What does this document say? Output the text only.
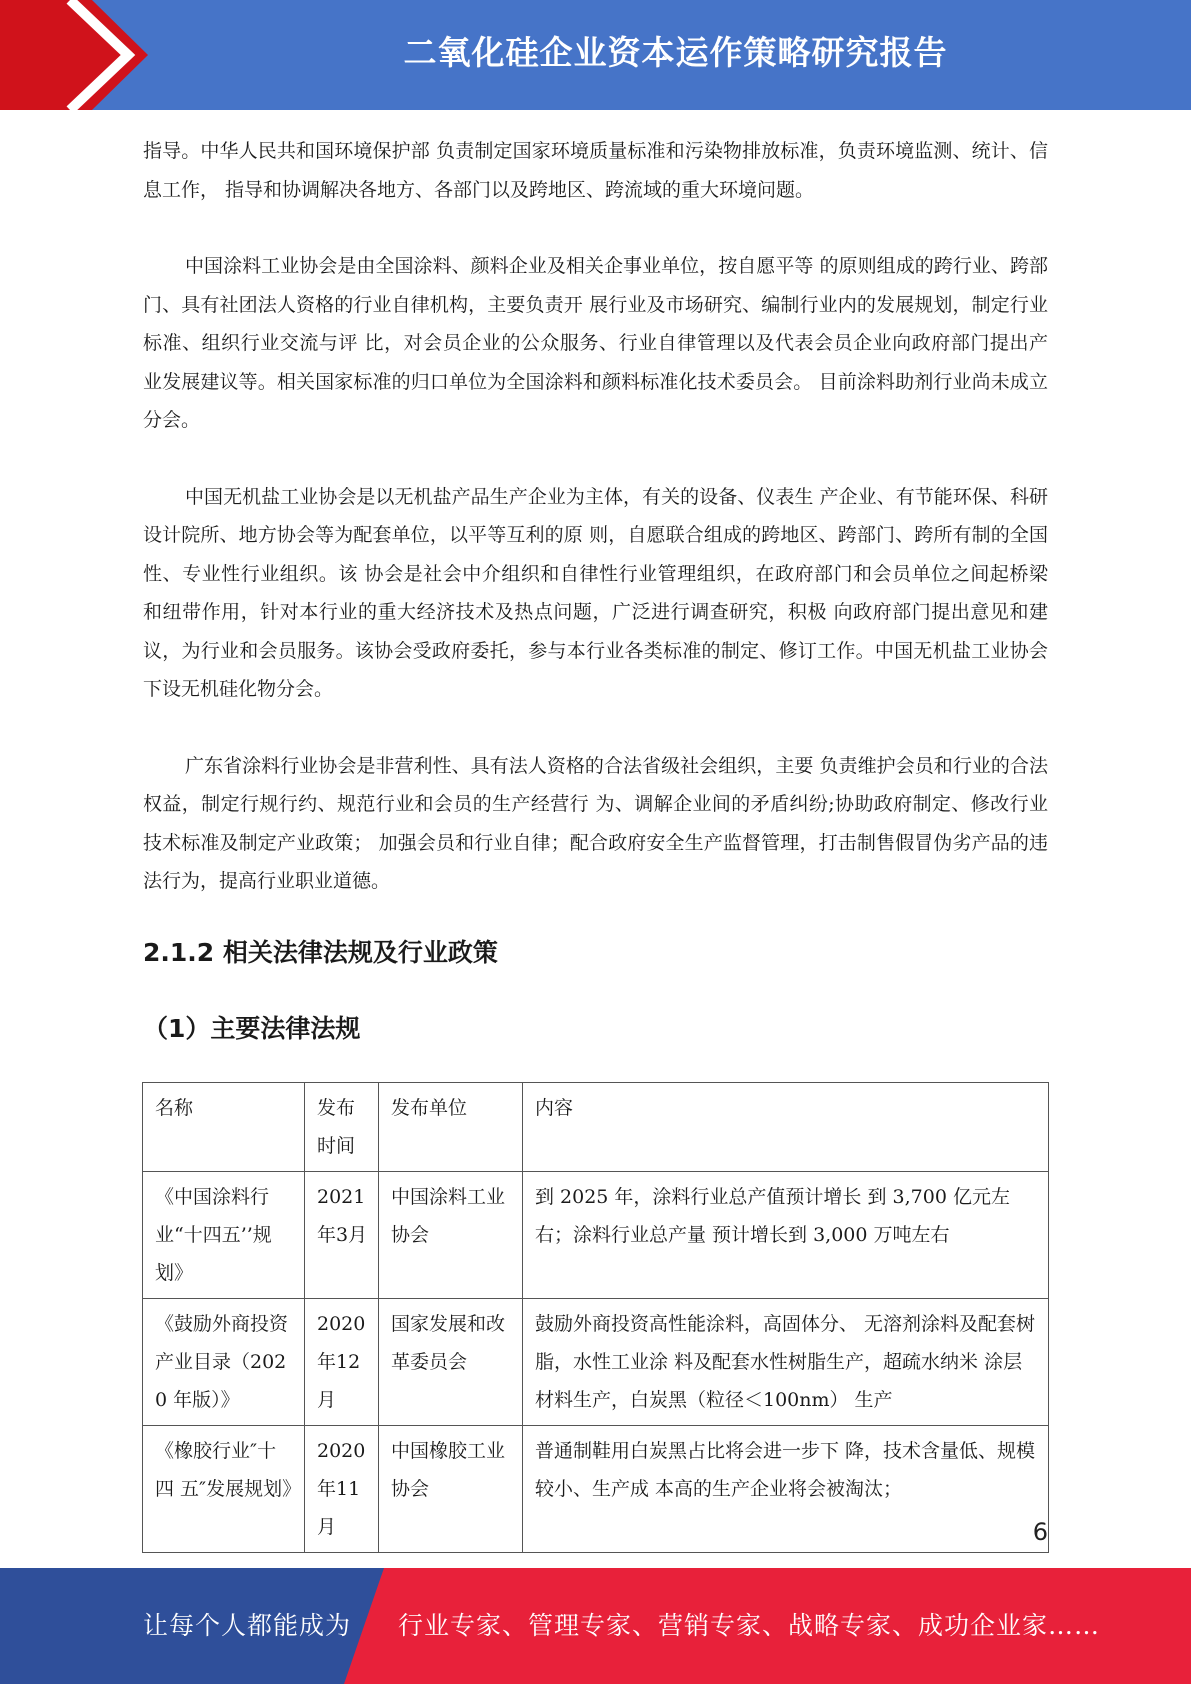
二氧化硅企业资本运作策略研究报告

指导。中华人民共和国环境保护部 负责制定国家环境质量标准和污染物排放标准，负责环境监测、统计、信息工作， 指导和协调解决各地方、各部门以及跨地区、跨流域的重大环境问题。

中国涂料工业协会是由全国涂料、颜料企业及相关企事业单位，按自愿平等 的原则组成的跨行业、跨部门、具有社团法人资格的行业自律机构，主要负责开 展行业及市场研究、编制行业内的发展规划，制定行业标准、组织行业交流与评 比，对会员企业的公众服务、行业自律管理以及代表会员企业向政府部门提出产 业发展建议等。相关国家标准的归口单位为全国涂料和颜料标准化技术委员会。 目前涂料助剂行业尚未成立分会。

中国无机盐工业协会是以无机盐产品生产企业为主体，有关的设备、仪表生 产企业、有节能环保、科研设计院所、地方协会等为配套单位，以平等互利的原 则，自愿联合组成的跨地区、跨部门、跨所有制的全国性、专业性行业组织。该 协会是社会中介组织和自律性行业管理组织，在政府部门和会员单位之间起桥梁 和纽带作用，针对本行业的重大经济技术及热点问题，广泛进行调查研究，积极 向政府部门提出意见和建议，为行业和会员服务。该协会受政府委托，参与本行业各类标准的制定、修订工作。中国无机盐工业协会下设无机硅化物分会。

广东省涂料行业协会是非营利性、具有法人资格的合法省级社会组织，主要 负责维护会员和行业的合法权益，制定行规行约、规范行业和会员的生产经营行 为、调解企业间的矛盾纠纷;协助政府制定、修改行业技术标准及制定产业政策； 加强会员和行业自律；配合政府安全生产监督管理，打击制售假冒伪劣产品的违 法行为，提高行业职业道德。

2.1.2 相关法律法规及行业政策
（1）主要法律法规
名称	发布时间	发布单位	内容
《中国涂料行业“十四五’’规划》	2021年3月	中国涂料工业 协会	到 2025 年，涂料行业总产值预计增长 到 3,700 亿元左右；涂料行业总产量 预计增长到 3,000 万吨左右
《鼓励外商投资 产业目录（2020 年版）》	2020年12月	国家发展和改 革委员会	鼓励外商投资高性能涂料，高固体分、 无溶剂涂料及配套树脂，水性工业涂 料及配套水性树脂生产，超疏水纳米 涂层材料生产，白炭黑（粒径＜100nm） 生产
《橡胶行业″十四 五″发展规划》	2020年11月	中国橡胶工业 协会	普通制鞋用白炭黑占比将会进一步下 降，技术含量低、规模较小、生产成 本高的生产企业将会被淘汰；
6
让每个人都能成为 行业专家、管理专家、营销专家、战略专家、成功企业家……
